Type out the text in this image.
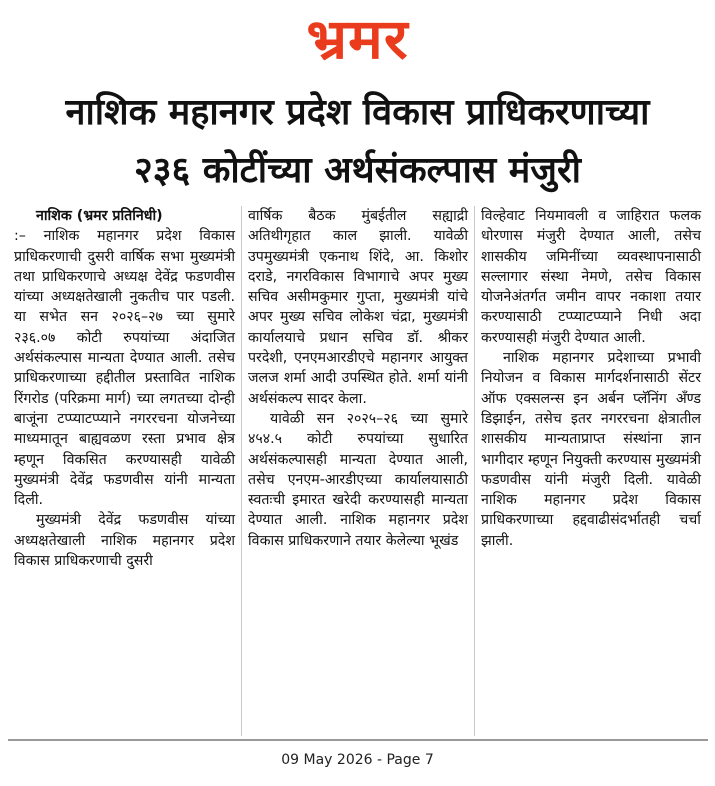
भ्रमर
नाशिक महानगर प्रदेश विकास प्राधिकरणाच्या
२३६ कोटींच्या अर्थसंकल्पास मंजुरी

नाशिक (भ्रमर प्रतिनिधी)

:– नाशिक महानगर प्रदेश विकास प्राधिकरणाची दुसरी वार्षिक सभा मुख्यमंत्री तथा प्राधिकरणाचे अध्यक्ष देवेंद्र फडणवीस यांच्या अध्यक्षतेखाली नुकतीच पार पडली. या सभेत सन २०२६–२७ च्या सुमारे २३६.०७ कोटी रुपयांच्या अंदाजित अर्थसंकल्पास मान्यता देण्यात आली. तसेच प्राधिकरणाच्या हद्दीतील प्रस्तावित नाशिक रिंगरोड (परिक्रमा मार्ग) च्या लगतच्या दोन्ही बाजूंना टप्प्याटप्प्याने नगररचना योजनेच्या माध्यमातून बाह्यवळण रस्ता प्रभाव क्षेत्र म्हणून विकसित करण्यासही यावेळी मुख्यमंत्री देवेंद्र फडणवीस यांनी मान्यता दिली.

मुख्यमंत्री देवेंद्र फडणवीस यांच्या अध्यक्षतेखाली नाशिक महानगर प्रदेश विकास प्राधिकरणाची दुसरी

वार्षिक बैठक मुंबईतील सह्याद्री अतिथीगृहात काल झाली. यावेळी उपमुख्यमंत्री एकनाथ शिंदे, आ. किशोर दराडे, नगरविकास विभागाचे अपर मुख्य सचिव असीमकुमार गुप्ता, मुख्यमंत्री यांचे अपर मुख्य सचिव लोकेश चंद्रा, मुख्यमंत्री कार्यालयाचे प्रधान सचिव डॉ. श्रीकर परदेशी, एनएमआरडीएचे महानगर आयुक्त जलज शर्मा आदी उपस्थित होते. शर्मा यांनी अर्थसंकल्प सादर केला.

यावेळी सन २०२५–२६ च्या सुमारे ४५४.५ कोटी रुपयांच्या सुधारित अर्थसंकल्पासही मान्यता देण्यात आली, तसेच एनएम-आरडीएच्या कार्यालयासाठी स्वतःची इमारत खरेदी करण्यासही मान्यता देण्यात आली. नाशिक महानगर प्रदेश विकास प्राधिकरणाने तयार केलेल्या भूखंड

विल्हेवाट नियमावली व जाहिरात फलक धोरणास मंजुरी देण्यात आली, तसेच शासकीय जमिनींच्या व्यवस्थापनासाठी सल्लागार संस्था नेमणे, तसेच विकास योजनेअंतर्गत जमीन वापर नकाशा तयार करण्यासाठी टप्प्याटप्प्याने निधी अदा करण्यासही मंजुरी देण्यात आली.

नाशिक महानगर प्रदेशाच्या प्रभावी नियोजन व विकास मार्गदर्शनासाठी सेंटर ऑफ एक्सलन्स इन अर्बन प्लॅनिंग अँण्ड डिझाईन, तसेच इतर नगररचना क्षेत्रातील शासकीय मान्यताप्राप्त संस्थांना ज्ञान भागीदार म्हणून नियुक्ती करण्यास मुख्यमंत्री फडणवीस यांनी मंजुरी दिली. यावेळी नाशिक महानगर प्रदेश विकास प्राधिकरणाच्या हद्दवाढीसंदर्भातही चर्चा झाली.

09 May 2026 - Page 7
